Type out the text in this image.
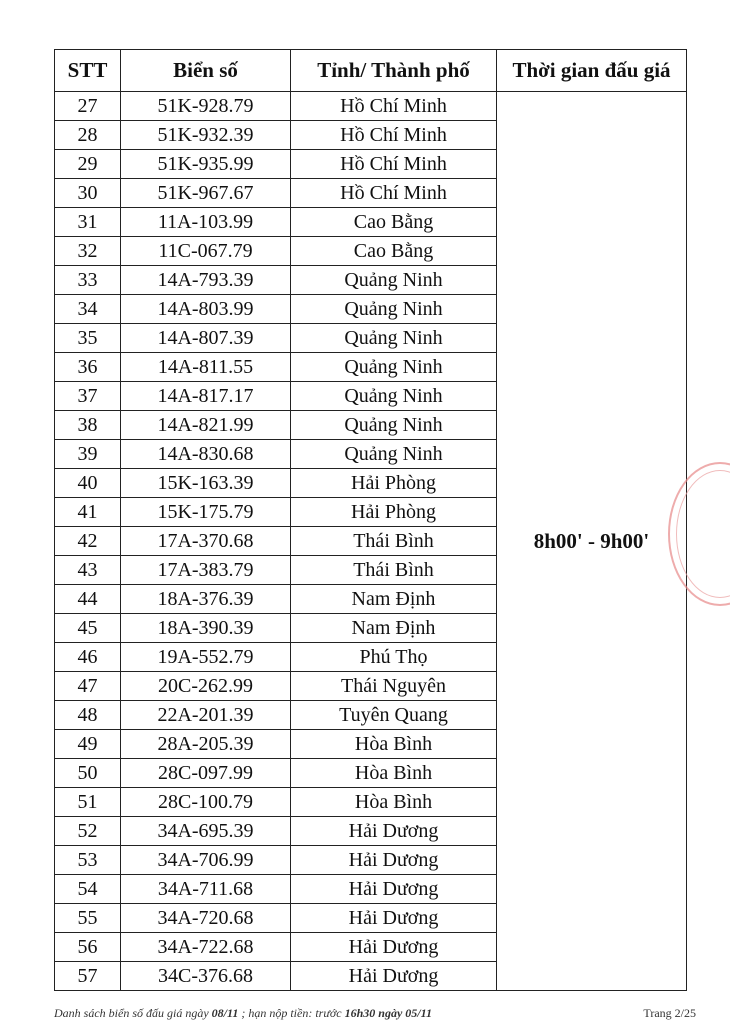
STT	Biển số	Tỉnh/ Thành phố	Thời gian đấu giá
27	51K-928.79	Hồ Chí Minh	8h00' - 9h00'
28	51K-932.39	Hồ Chí Minh	
29	51K-935.99	Hồ Chí Minh	
30	51K-967.67	Hồ Chí Minh	
31	11A-103.99	Cao Bằng	
32	11C-067.79	Cao Bằng	
33	14A-793.39	Quảng Ninh	
34	14A-803.99	Quảng Ninh	
35	14A-807.39	Quảng Ninh	
36	14A-811.55	Quảng Ninh	
37	14A-817.17	Quảng Ninh	
38	14A-821.99	Quảng Ninh	
39	14A-830.68	Quảng Ninh	
40	15K-163.39	Hải Phòng	
41	15K-175.79	Hải Phòng	
42	17A-370.68	Thái Bình	
43	17A-383.79	Thái Bình	
44	18A-376.39	Nam Định	
45	18A-390.39	Nam Định	
46	19A-552.79	Phú Thọ	
47	20C-262.99	Thái Nguyên	
48	22A-201.39	Tuyên Quang	
49	28A-205.39	Hòa Bình	
50	28C-097.99	Hòa Bình	
51	28C-100.79	Hòa Bình	
52	34A-695.39	Hải Dương	
53	34A-706.99	Hải Dương	
54	34A-711.68	Hải Dương	
55	34A-720.68	Hải Dương	
56	34A-722.68	Hải Dương	
57	34C-376.68	Hải Dương	
Danh sách biển số đấu giá ngày 08/11 ; hạn nộp tiền: trước 16h30 ngày 05/11	Trang 2/25
